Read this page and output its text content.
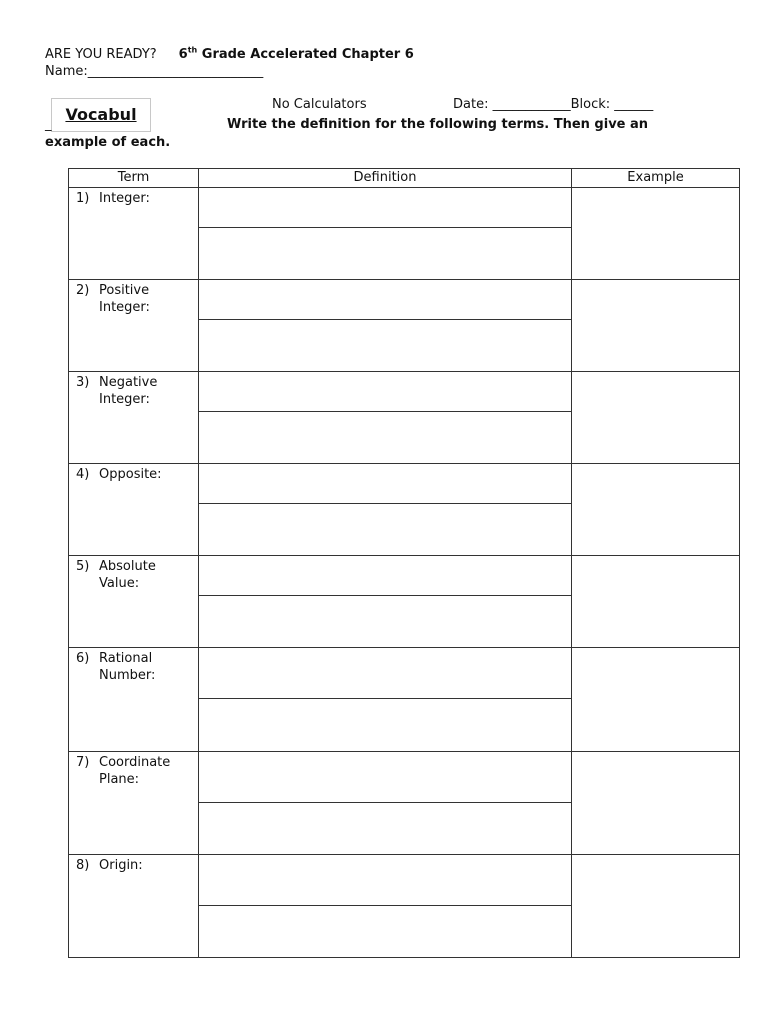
ARE YOU READY? 6th Grade Accelerated Chapter 6
Name:___________________________
Vocabul
_
No Calculators	Date: ____________Block: ______
Write the definition for the following terms. Then give an
example of each.
Term	Definition	Example

1) Integer:		

2) Positive
Integer:		

3) Negative
Integer:		

4) Opposite:		

5) Absolute
Value:		

6) Rational
Number:		

7) Coordinate
Plane:		

8) Origin:		
